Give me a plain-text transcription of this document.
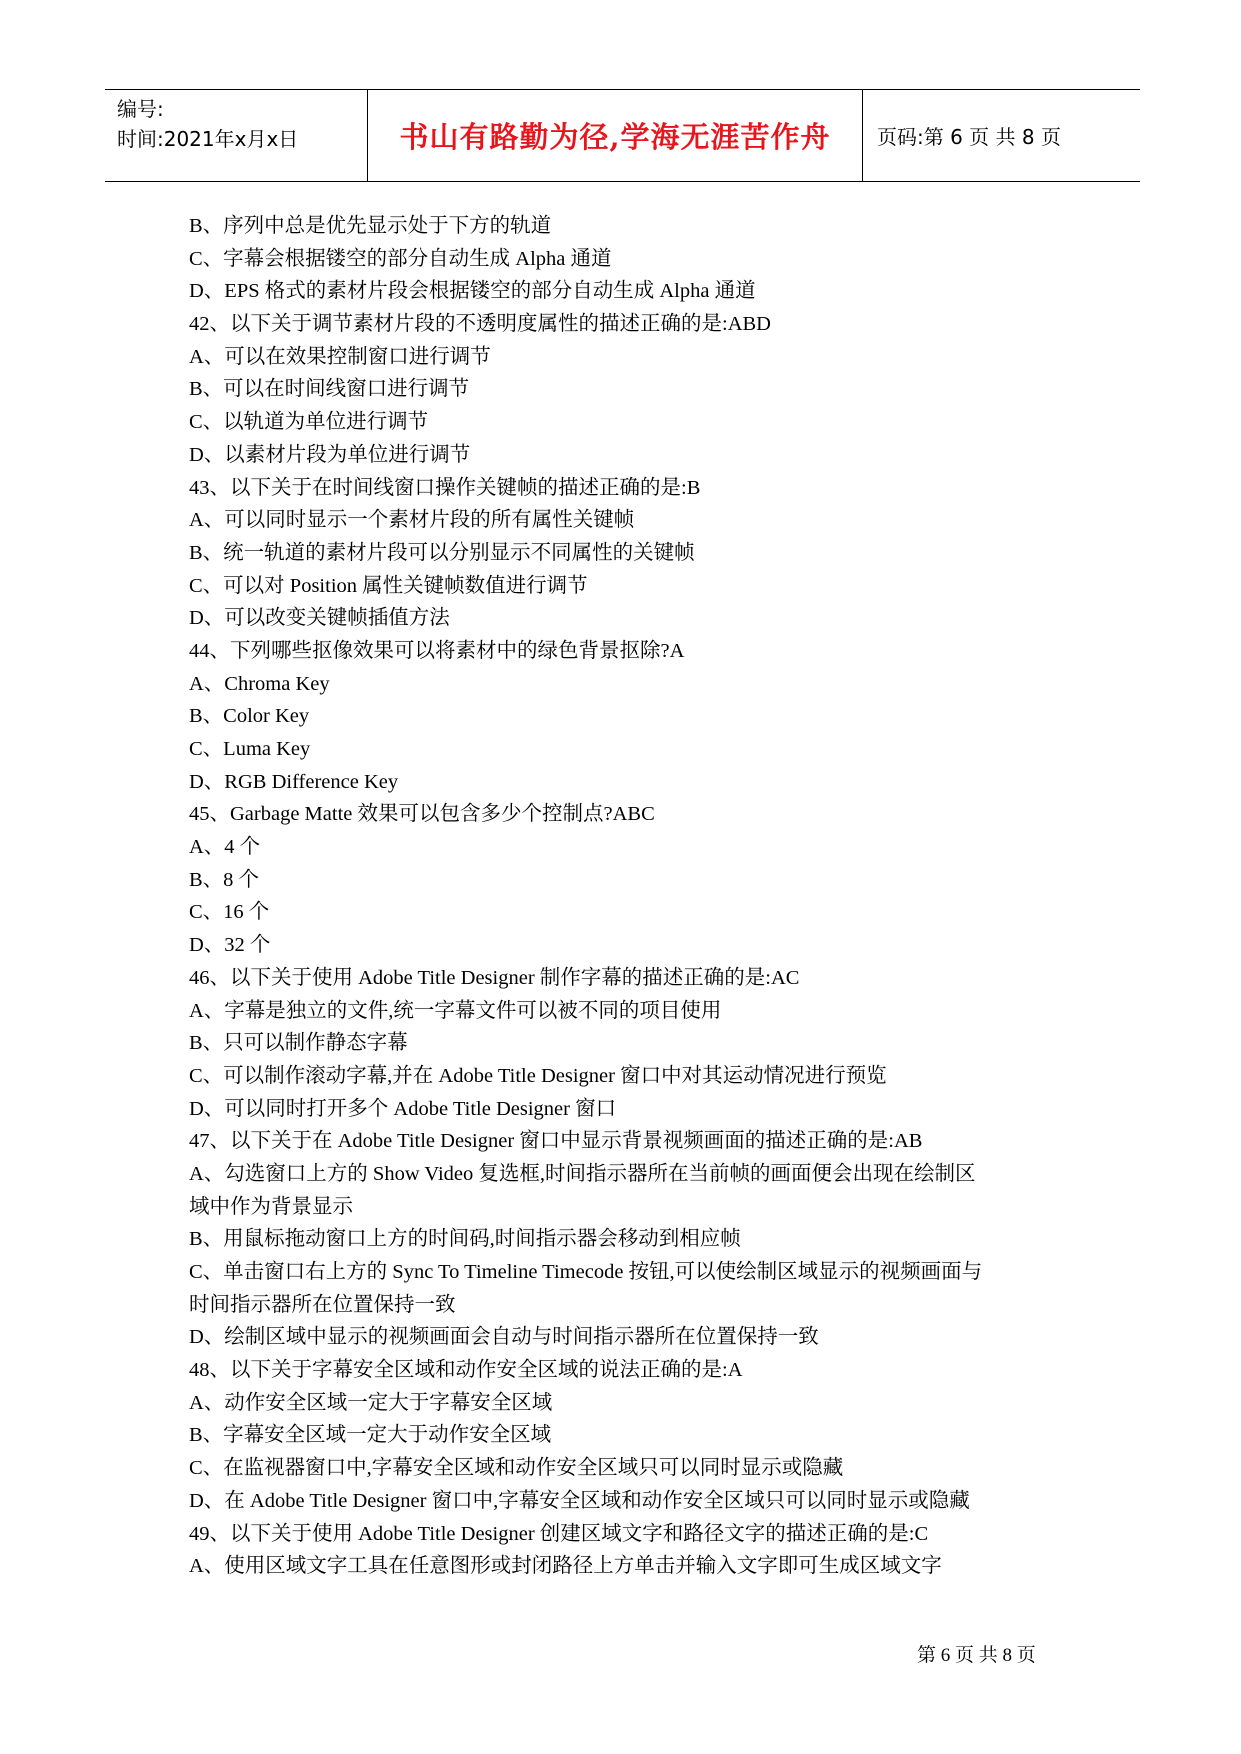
编号:
时间:2021年x月x日	书山有路勤为径,学海无涯苦作舟 页码:第 6 页 共 8 页
B、序列中总是优先显示处于下方的轨道
C、字幕会根据镂空的部分自动生成 Alpha 通道
D、EPS 格式的素材片段会根据镂空的部分自动生成 Alpha 通道
42、以下关于调节素材片段的不透明度属性的描述正确的是:ABD
A、可以在效果控制窗口进行调节
B、可以在时间线窗口进行调节
C、以轨道为单位进行调节
D、以素材片段为单位进行调节
43、以下关于在时间线窗口操作关键帧的描述正确的是:B
A、可以同时显示一个素材片段的所有属性关键帧
B、统一轨道的素材片段可以分别显示不同属性的关键帧
C、可以对 Position 属性关键帧数值进行调节
D、可以改变关键帧插值方法
44、下列哪些抠像效果可以将素材中的绿色背景抠除?A
A、Chroma Key
B、Color Key
C、Luma Key
D、RGB Difference Key
45、Garbage Matte 效果可以包含多少个控制点?ABC
A、4 个
B、8 个
C、16 个
D、32 个
46、以下关于使用 Adobe Title Designer 制作字幕的描述正确的是:AC
A、字幕是独立的文件,统一字幕文件可以被不同的项目使用
B、只可以制作静态字幕
C、可以制作滚动字幕,并在 Adobe Title Designer 窗口中对其运动情况进行预览
D、可以同时打开多个 Adobe Title Designer 窗口
47、以下关于在 Adobe Title Designer 窗口中显示背景视频画面的描述正确的是:AB
A、勾选窗口上方的 Show Video 复选框,时间指示器所在当前帧的画面便会出现在绘制区
域中作为背景显示
B、用鼠标拖动窗口上方的时间码,时间指示器会移动到相应帧
C、单击窗口右上方的 Sync To Timeline Timecode 按钮,可以使绘制区域显示的视频画面与
时间指示器所在位置保持一致
D、绘制区域中显示的视频画面会自动与时间指示器所在位置保持一致
48、以下关于字幕安全区域和动作安全区域的说法正确的是:A
A、动作安全区域一定大于字幕安全区域
B、字幕安全区域一定大于动作安全区域
C、在监视器窗口中,字幕安全区域和动作安全区域只可以同时显示或隐藏
D、在 Adobe Title Designer 窗口中,字幕安全区域和动作安全区域只可以同时显示或隐藏
49、以下关于使用 Adobe Title Designer 创建区域文字和路径文字的描述正确的是:C
A、使用区域文字工具在任意图形或封闭路径上方单击并输入文字即可生成区域文字
第 6 页 共 8 页
